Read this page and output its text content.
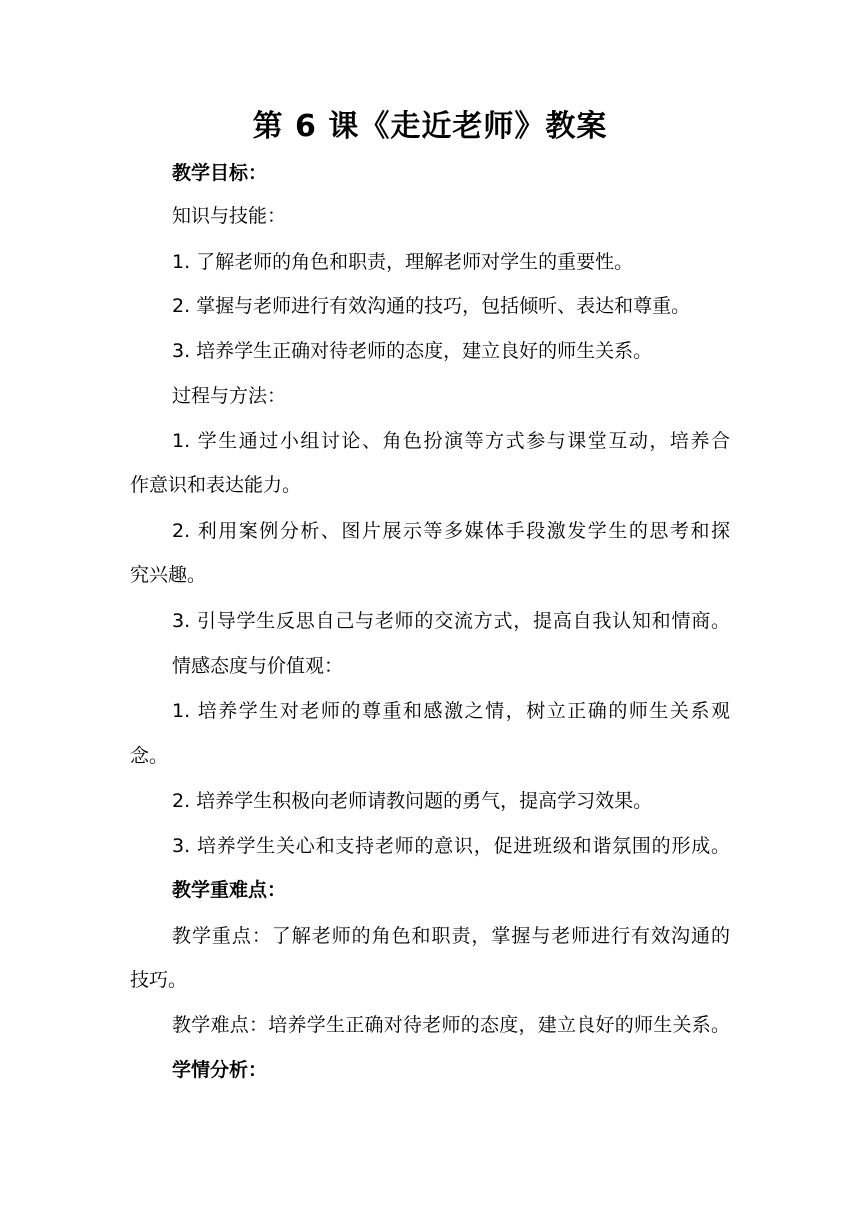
第 6 课《走近老师》教案
教学目标：
知识与技能：
1. 了解老师的角色和职责，理解老师对学生的重要性。
2. 掌握与老师进行有效沟通的技巧，包括倾听、表达和尊重。
3. 培养学生正确对待老师的态度，建立良好的师生关系。
过程与方法：
1. 学生通过小组讨论、角色扮演等方式参与课堂互动，培养合
作意识和表达能力。
2. 利用案例分析、图片展示等多媒体手段激发学生的思考和探
究兴趣。
3. 引导学生反思自己与老师的交流方式，提高自我认知和情商。
情感态度与价值观：
1. 培养学生对老师的尊重和感激之情，树立正确的师生关系观
念。
2. 培养学生积极向老师请教问题的勇气，提高学习效果。
3. 培养学生关心和支持老师的意识，促进班级和谐氛围的形成。
教学重难点：
教学重点：了解老师的角色和职责，掌握与老师进行有效沟通的
技巧。
教学难点：培养学生正确对待老师的态度，建立良好的师生关系。
学情分析：
